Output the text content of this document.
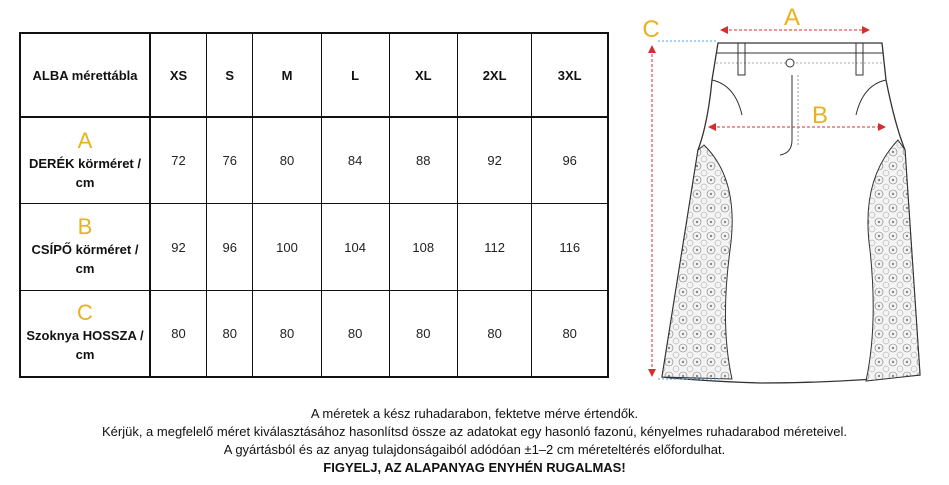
ALBA mérettábla	XS	S	M	L	XL	2XL	3XL

A
DERÉK körméret / cm	72	76	80	84	88	92	96

B
CSÍPŐ körméret / cm	92	96	100	104	108	112	116

C
Szoknya HOSSZA / cm	80	80	80	80	80	80	80
A
B
C
A méretek a kész ruhadarabon, fektetve mérve értendők.
Kérjük, a megfelelő méret kiválasztásához hasonlítsd össze az adatokat egy hasonló fazonú, kényelmes ruhadarabod méreteivel.
A gyártásból és az anyag tulajdonságaiból adódóan ±1–2 cm méreteltérés előfordulhat.
FIGYELJ, AZ ALAPANYAG ENYHÉN RUGALMAS!
